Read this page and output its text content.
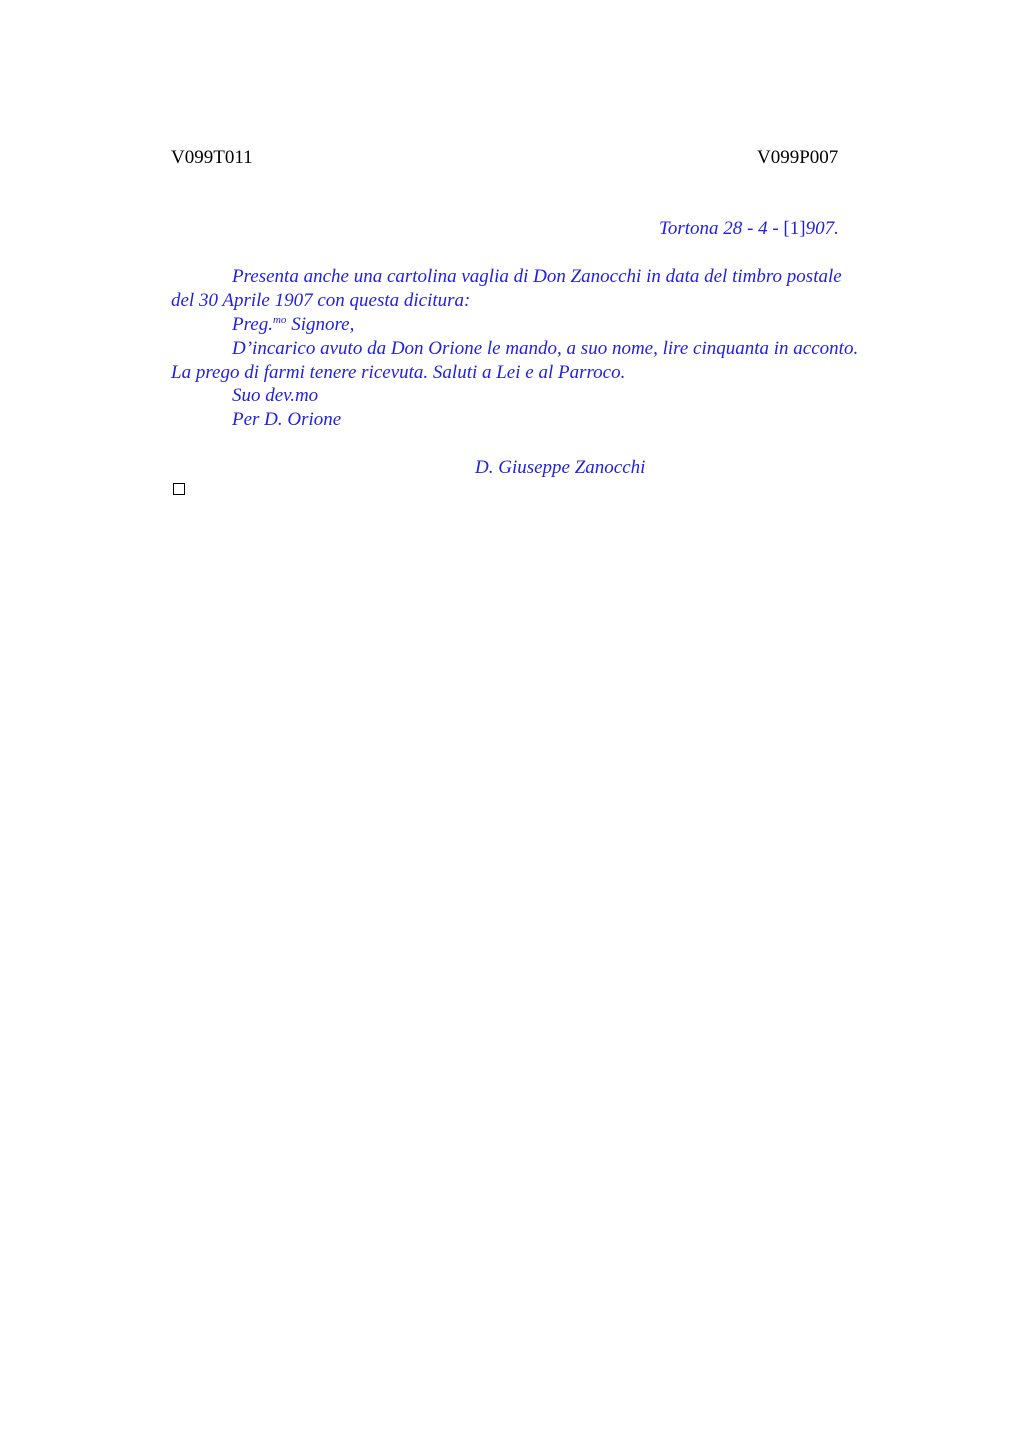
V099T011	V099P007
Tortona 28 - 4 - [1]907.
Presenta anche una cartolina vaglia di Don Zanocchi in data del timbro postale
del 30 Aprile 1907 con questa dicitura:
Preg.$^{mo}$ Signore,
D’incarico avuto da Don Orione le mando, a suo nome, lire cinquanta in acconto.
La prego di farmi tenere ricevuta. Saluti a Lei e al Parroco.
Suo dev.mo
Per D. Orione
D. Giuseppe Zanocchi
